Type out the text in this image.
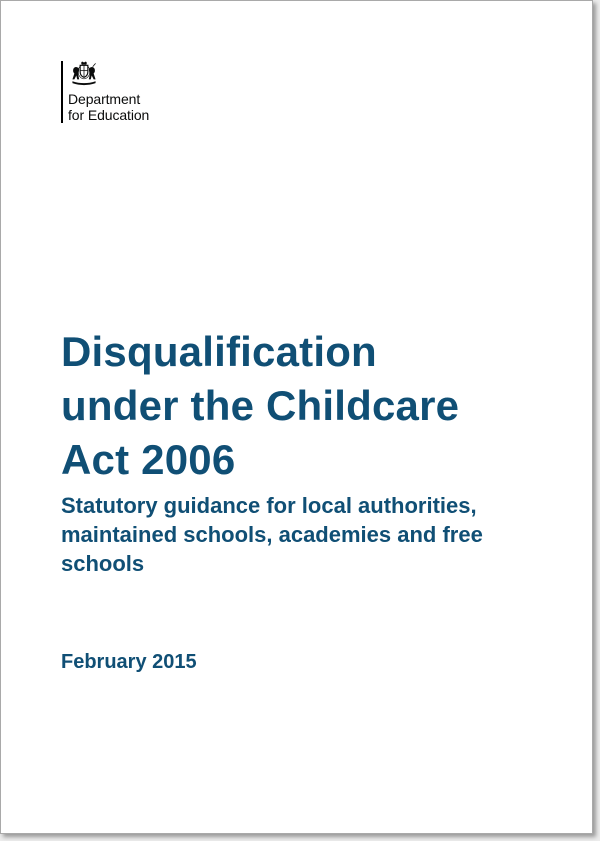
Department
for Education
Disqualification
under the Childcare
Act 2006
Statutory guidance for local authorities,
maintained schools, academies and free
schools

February 2015
